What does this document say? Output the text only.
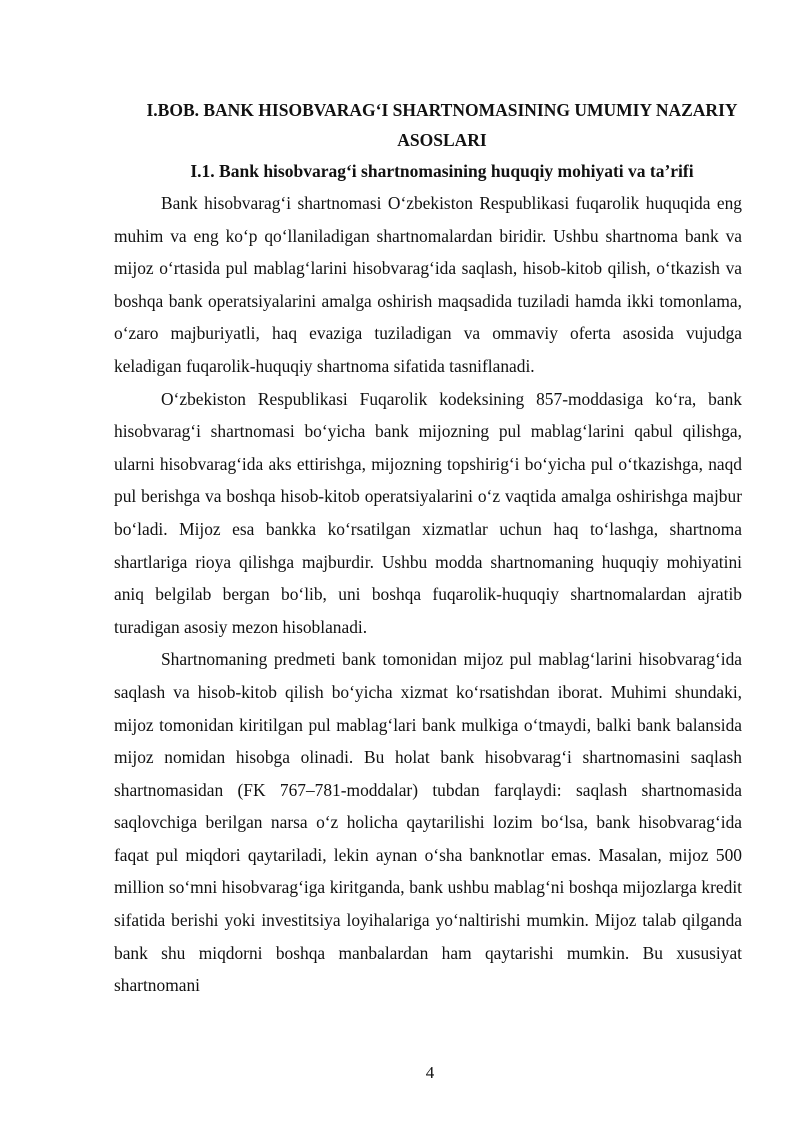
I.BOB. BANK HISOBVARAG‘I SHARTNOMASINING UMUMIY NAZARIY ASOSLARI
I.1. Bank hisobvarag‘i shartnomasining huquqiy mohiyati va ta’rifi

Bank hisobvarag‘i shartnomasi O‘zbekiston Respublikasi fuqarolik huquqida eng muhim va eng ko‘p qo‘llaniladigan shartnomalardan biridir. Ushbu shartnoma bank va mijoz o‘rtasida pul mablag‘larini hisobvarag‘ida saqlash, hisob-kitob qilish, o‘tkazish va boshqa bank operatsiyalarini amalga oshirish maqsadida tuziladi hamda ikki tomonlama, o‘zaro majburiyatli, haq evaziga tuziladigan va ommaviy oferta asosida vujudga keladigan fuqarolik-huquqiy shartnoma sifatida tasniflanadi.

O‘zbekiston Respublikasi Fuqarolik kodeksining 857-moddasiga ko‘ra, bank hisobvarag‘i shartnomasi bo‘yicha bank mijozning pul mablag‘larini qabul qilishga, ularni hisobvarag‘ida aks ettirishga, mijozning topshirig‘i bo‘yicha pul o‘tkazishga, naqd pul berishga va boshqa hisob-kitob operatsiyalarini o‘z vaqtida amalga oshirishga majbur bo‘ladi. Mijoz esa bankka ko‘rsatilgan xizmatlar uchun haq to‘lashga, shartnoma shartlariga rioya qilishga majburdir. Ushbu modda shartnomaning huquqiy mohiyatini aniq belgilab bergan bo‘lib, uni boshqa fuqarolik-huquqiy shartnomalardan ajratib turadigan asosiy mezon hisoblanadi.

Shartnomaning predmeti bank tomonidan mijoz pul mablag‘larini hisobvarag‘ida saqlash va hisob-kitob qilish bo‘yicha xizmat ko‘rsatishdan iborat. Muhimi shundaki, mijoz tomonidan kiritilgan pul mablag‘lari bank mulkiga o‘tmaydi, balki bank balansida mijoz nomidan hisobga olinadi. Bu holat bank hisobvarag‘i shartnomasini saqlash shartnomasidan (FK 767–781-moddalar) tubdan farqlaydi: saqlash shartnomasida saqlovchiga berilgan narsa o‘z holicha qaytarilishi lozim bo‘lsa, bank hisobvarag‘ida faqat pul miqdori qaytariladi, lekin aynan o‘sha banknotlar emas. Masalan, mijoz 500 million so‘mni hisobvarag‘iga kiritganda, bank ushbu mablag‘ni boshqa mijozlarga kredit sifatida berishi yoki investitsiya loyihalariga yo‘naltirishi mumkin. Mijoz talab qilganda bank shu miqdorni boshqa manbalardan ham qaytarishi mumkin. Bu xususiyat shartnomani

4
